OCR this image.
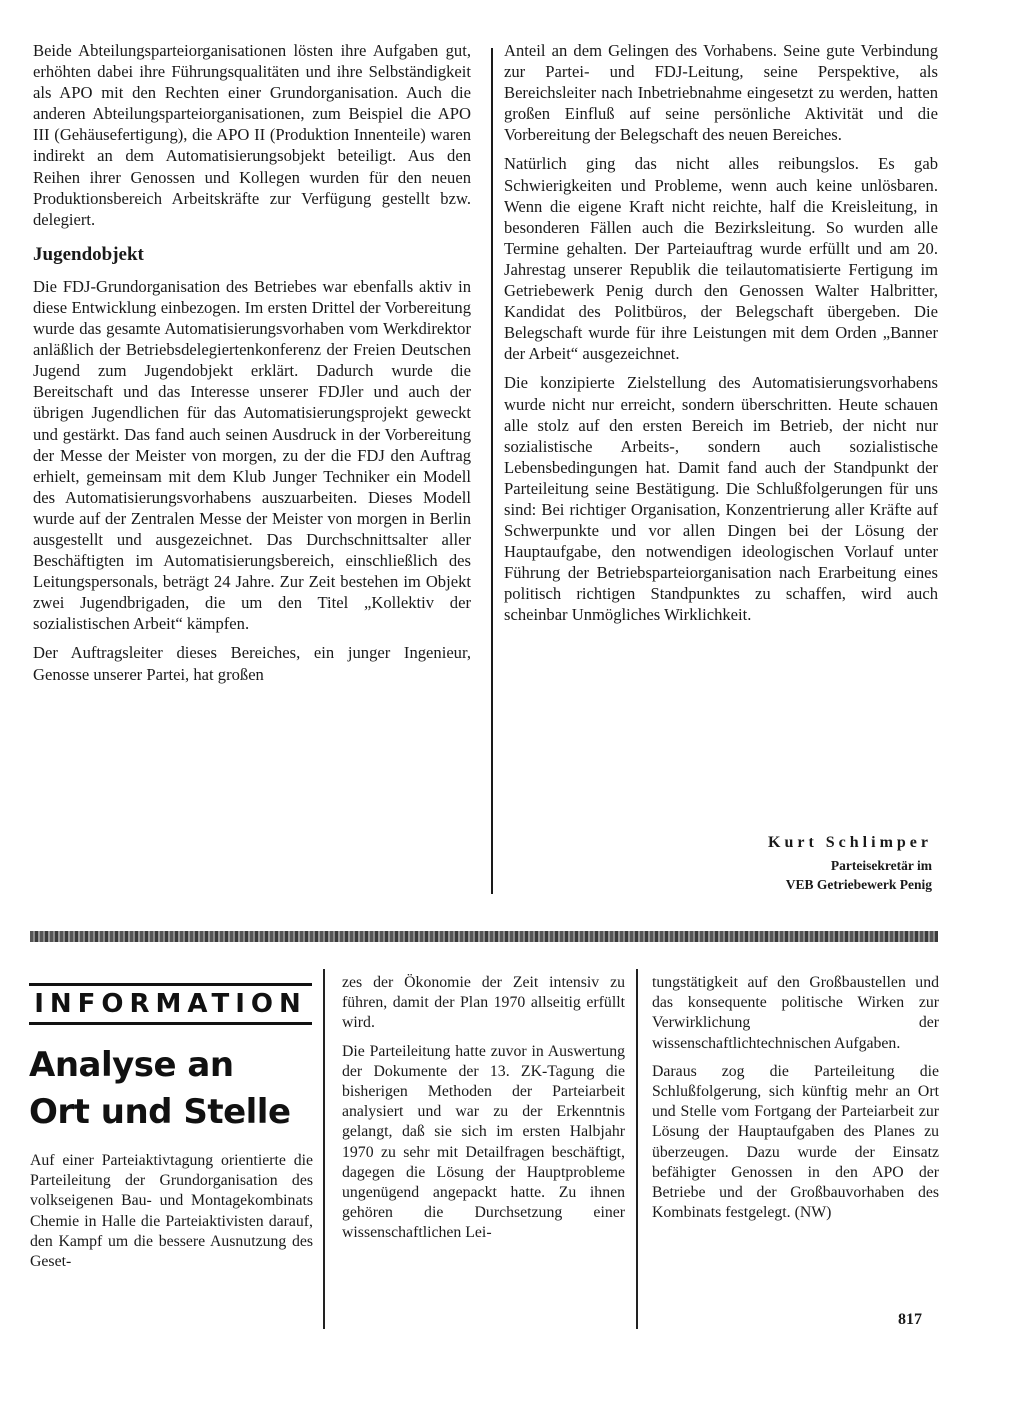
Beide Abteilungsparteiorganisationen lösten ihre Aufgaben gut, erhöhten dabei ihre Führungsqualitäten und ihre Selbständigkeit als APO mit den Rechten einer Grundorganisation. Auch die anderen Abteilungsparteiorganisationen, zum Beispiel die APO III (Gehäusefertigung), die APO II (Produktion Innenteile) waren indirekt an dem Automatisierungsobjekt beteiligt. Aus den Reihen ihrer Genossen und Kollegen wurden für den neuen Produktionsbereich Arbeitskräfte zur Verfügung gestellt bzw. delegiert.

Jugendobjekt

Die FDJ-Grundorganisation des Betriebes war ebenfalls aktiv in diese Entwicklung einbezogen. Im ersten Drittel der Vorbereitung wurde das gesamte Automatisierungsvorhaben vom Werkdirektor anläßlich der Betriebsdelegiertenkonferenz der Freien Deutschen Jugend zum Jugendobjekt erklärt. Dadurch wurde die Bereitschaft und das Interesse unserer FDJler und auch der übrigen Jugendlichen für das Automatisierungsprojekt geweckt und gestärkt. Das fand auch seinen Ausdruck in der Vorbereitung der Messe der Meister von morgen, zu der die FDJ den Auftrag erhielt, gemeinsam mit dem Klub Junger Techniker ein Modell des Automatisierungsvorhabens auszuarbeiten. Dieses Modell wurde auf der Zentralen Messe der Meister von morgen in Berlin ausgestellt und ausgezeichnet. Das Durchschnittsalter aller Beschäftigten im Automatisierungsbereich, einschließlich des Leitungspersonals, beträgt 24 Jahre. Zur Zeit bestehen im Objekt zwei Jugendbrigaden, die um den Titel „Kollektiv der sozialistischen Arbeit“ kämpfen.

Der Auftragsleiter dieses Bereiches, ein junger Ingenieur, Genosse unserer Partei, hat großen

Anteil an dem Gelingen des Vorhabens. Seine gute Verbindung zur Partei- und FDJ-Leitung, seine Perspektive, als Bereichsleiter nach Inbetriebnahme eingesetzt zu werden, hatten großen Einfluß auf seine persönliche Aktivität und die Vorbereitung der Belegschaft des neuen Bereiches.

Natürlich ging das nicht alles reibungslos. Es gab Schwierigkeiten und Probleme, wenn auch keine unlösbaren. Wenn die eigene Kraft nicht reichte, half die Kreisleitung, in besonderen Fällen auch die Bezirksleitung. So wurden alle Termine gehalten. Der Parteiauftrag wurde erfüllt und am 20. Jahrestag unserer Republik die teilautomatisierte Fertigung im Getriebewerk Penig durch den Genossen Walter Halbritter, Kandidat des Politbüros, der Belegschaft übergeben. Die Belegschaft wurde für ihre Leistungen mit dem Orden „Banner der Arbeit“ ausgezeichnet.

Die konzipierte Zielstellung des Automatisierungsvorhabens wurde nicht nur erreicht, sondern überschritten. Heute schauen alle stolz auf den ersten Bereich im Betrieb, der nicht nur sozialistische Arbeits-, sondern auch sozialistische Lebensbedingungen hat. Damit fand auch der Standpunkt der Parteileitung seine Bestätigung. Die Schlußfolgerungen für uns sind: Bei richtiger Organisation, Konzentrierung aller Kräfte auf Schwerpunkte und vor allen Dingen bei der Lösung der Hauptaufgabe, den notwendigen ideologischen Vorlauf unter Führung der Betriebsparteiorganisation nach Erarbeitung eines politisch richtigen Standpunktes zu schaffen, wird auch scheinbar Unmögliches Wirklichkeit.

Kurt Schlimper
Parteisekretär im
VEB Getriebewerk Penig
INFORMATION
Analyse an
Ort und Stelle

Auf einer Parteiaktivtagung orientierte die Parteileitung der Grundorganisation des volkseigenen Bau- und Montagekombinats Chemie in Halle die Parteiaktivisten darauf, den Kampf um die bessere Ausnutzung des Geset-

zes der Ökonomie der Zeit intensiv zu führen, damit der Plan 1970 allseitig erfüllt wird.

Die Parteileitung hatte zuvor in Auswertung der Dokumente der 13. ZK-Tagung die bisherigen Methoden der Parteiarbeit analysiert und war zu der Erkenntnis gelangt, daß sie sich im ersten Halbjahr 1970 zu sehr mit Detailfragen beschäftigt, dagegen die Lösung der Hauptprobleme ungenügend angepackt hatte. Zu ihnen gehören die Durchsetzung einer wissenschaftlichen Lei-

tungstätigkeit auf den Großbaustellen und das konsequente politische Wirken zur Verwirklichung der wissenschaftlichtechnischen Aufgaben.

Daraus zog die Parteileitung die Schlußfolgerung, sich künftig mehr an Ort und Stelle vom Fortgang der Parteiarbeit zur Lösung der Hauptaufgaben des Planes zu überzeugen. Dazu wurde der Einsatz befähigter Genossen in den APO der Betriebe und der Großbauvorhaben des Kombinats festgelegt. (NW)

817
